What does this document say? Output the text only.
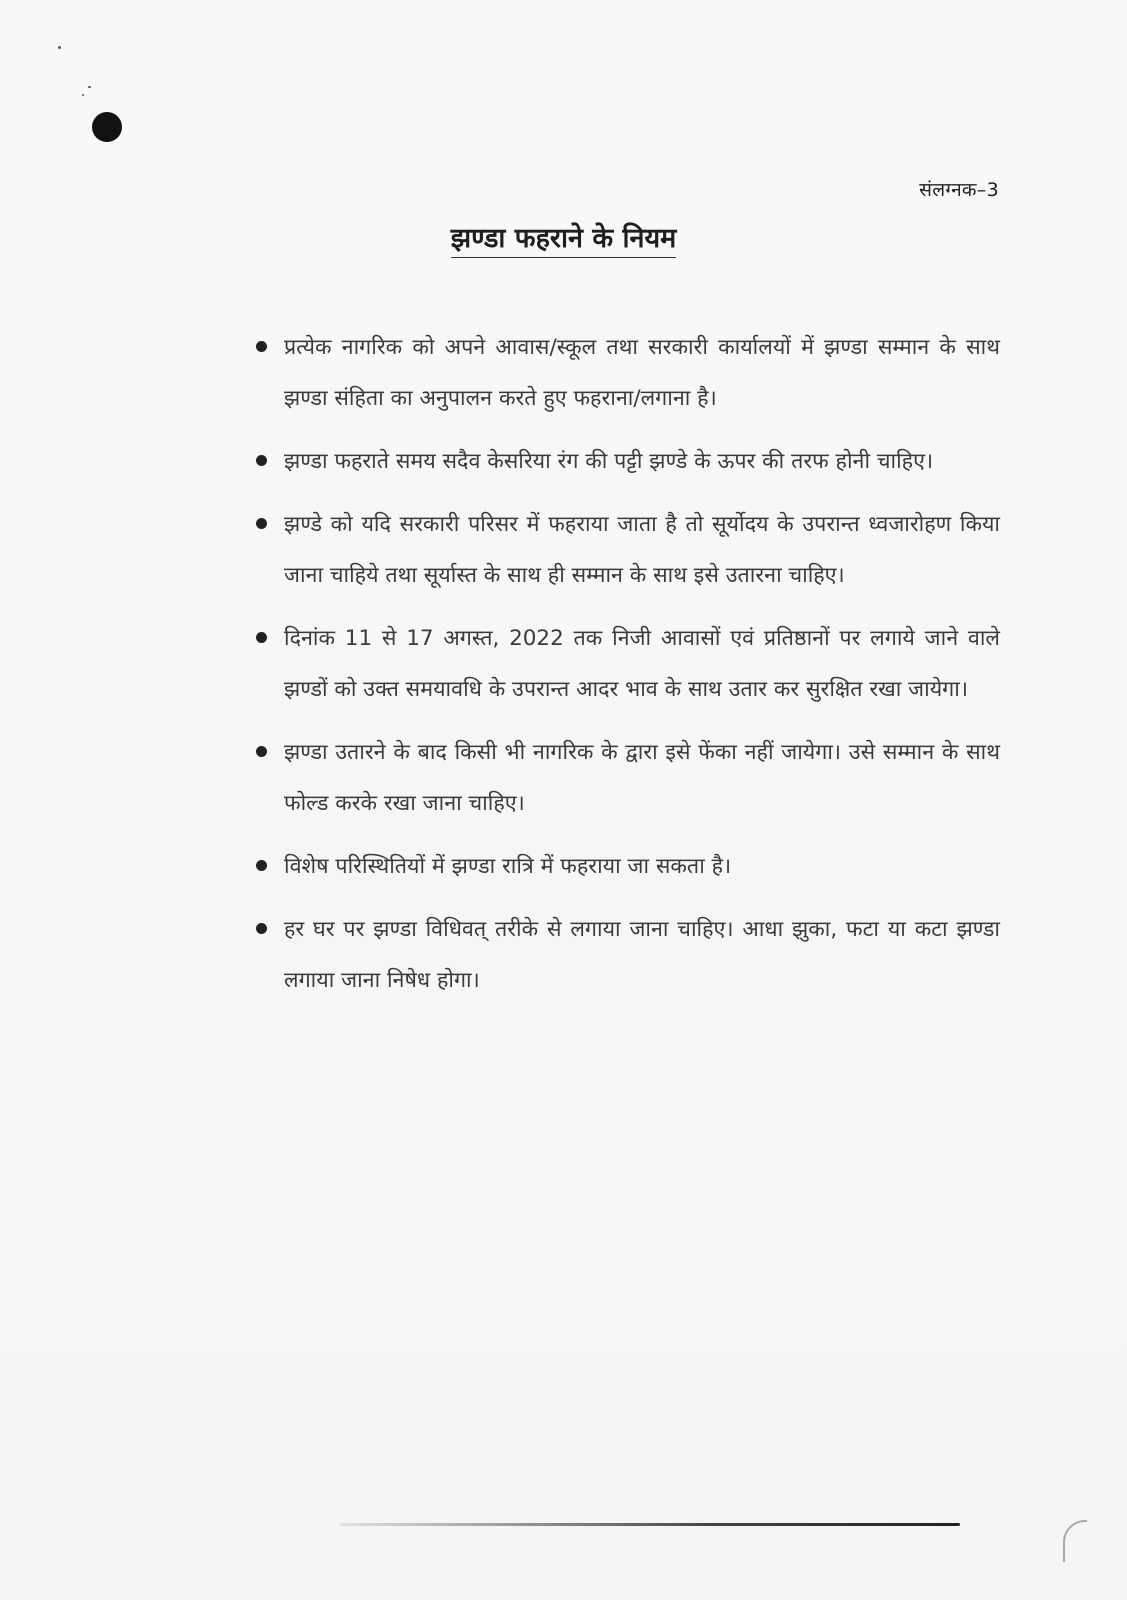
संलग्नक–3
झण्डा फहराने के नियम
प्रत्येक नागरिक को अपने आवास/स्कूल तथा सरकारी कार्यालयों में झण्डा सम्मान के साथ झण्डा संहिता का अनुपालन करते हुए फहराना/लगाना है।
झण्डा फहराते समय सदैव केसरिया रंग की पट्टी झण्डे के ऊपर की तरफ होनी चाहिए।
झण्डे को यदि सरकारी परिसर में फहराया जाता है तो सूर्योदय के उपरान्त ध्वजारोहण किया जाना चाहिये तथा सूर्यास्त के साथ ही सम्मान के साथ इसे उतारना चाहिए।
दिनांक 11 से 17 अगस्त, 2022 तक निजी आवासों एवं प्रतिष्ठानों पर लगाये जाने वाले झण्डों को उक्त समयावधि के उपरान्त आदर भाव के साथ उतार कर सुरक्षित रखा जायेगा।
झण्डा उतारने के बाद किसी भी नागरिक के द्वारा इसे फेंका नहीं जायेगा। उसे सम्मान के साथ फोल्ड करके रखा जाना चाहिए।
विशेष परिस्थितियों में झण्डा रात्रि में फहराया जा सकता है।
हर घर पर झण्डा विधिवत् तरीके से लगाया जाना चाहिए। आधा झुका, फटा या कटा झण्डा लगाया जाना निषेध होगा।
